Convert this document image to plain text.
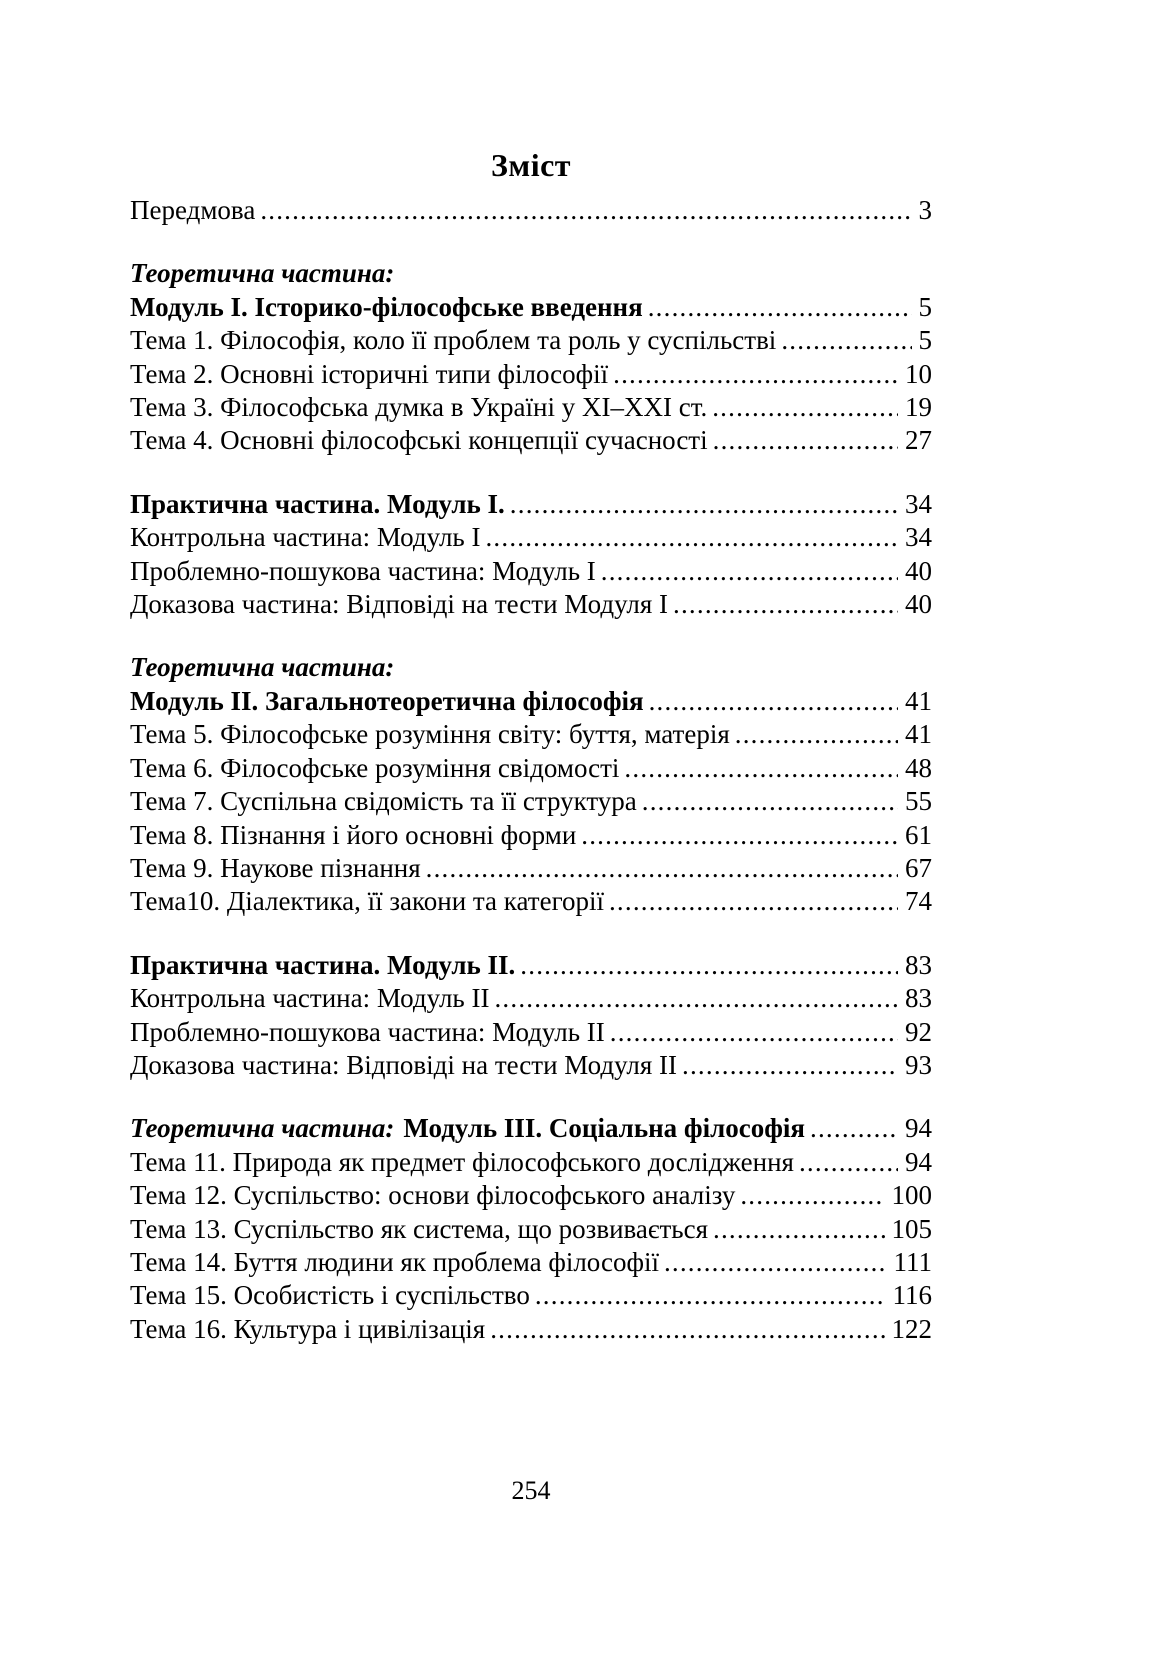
Зміст
Передмова .....	3
Теоретична частина:
Модуль І. Історико-філософське введення .....	5
Тема 1. Філософія, коло її проблем та роль у суспільстві .....	5
Тема 2. Основні історичні типи філософії .....	10
Тема 3. Філософська думка в Україні у ХІ–ХХІ ст. .....	19
Тема 4. Основні філософські концепції сучасності .....	27
Практична частина. Модуль І. .....	34
Контрольна частина: Модуль І .....	34
Проблемно-пошукова частина: Модуль І .....	40
Доказова частина: Відповіді на тести Модуля І .....	40
Теоретична частина:
Модуль ІІ. Загальнотеоретична філософія .....	41
Тема 5. Філософське розуміння світу: буття, матерія .....	41
Тема 6. Філософське розуміння свідомості .....	48
Тема 7. Суспільна свідомість та її структура .....	55
Тема 8. Пізнання і його основні форми .....	61
Тема 9. Наукове пізнання .....	67
Тема10. Діалектика, її закони та категорії .....	74
Практична частина. Модуль ІІ. .....	83
Контрольна частина: Модуль ІІ .....	83
Проблемно-пошукова частина: Модуль ІІ .....	92
Доказова частина: Відповіді на тести Модуля ІІ .....	93
Теоретична частина: Модуль ІІІ. Соціальна філософія .....	94
Тема 11. Природа як предмет філософського дослідження .....	94
Тема 12. Суспільство: основи філософського аналізу .....	100
Тема 13. Суспільство як система, що розвивається .....	105
Тема 14. Буття людини як проблема філософії .....	111
Тема 15. Особистість і суспільство .....	116
Тема 16. Культура і цивілізація .....	122
254
